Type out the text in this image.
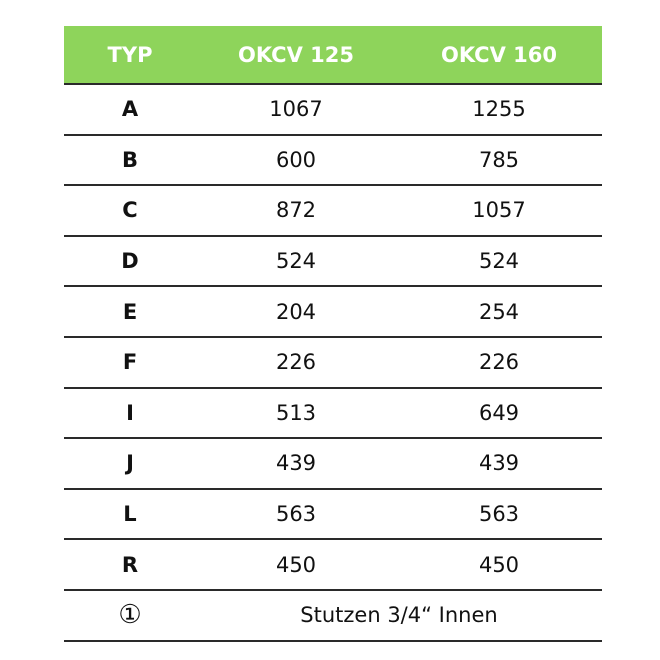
TYP	OKCV 125	OKCV 160
A	1067	1255
B	600	785
C	872	1057
D	524	524
E	204	254
F	226	226
I	513	649
J	439	439
L	563	563
R	450	450
①	Stutzen 3/4“ Innen	
